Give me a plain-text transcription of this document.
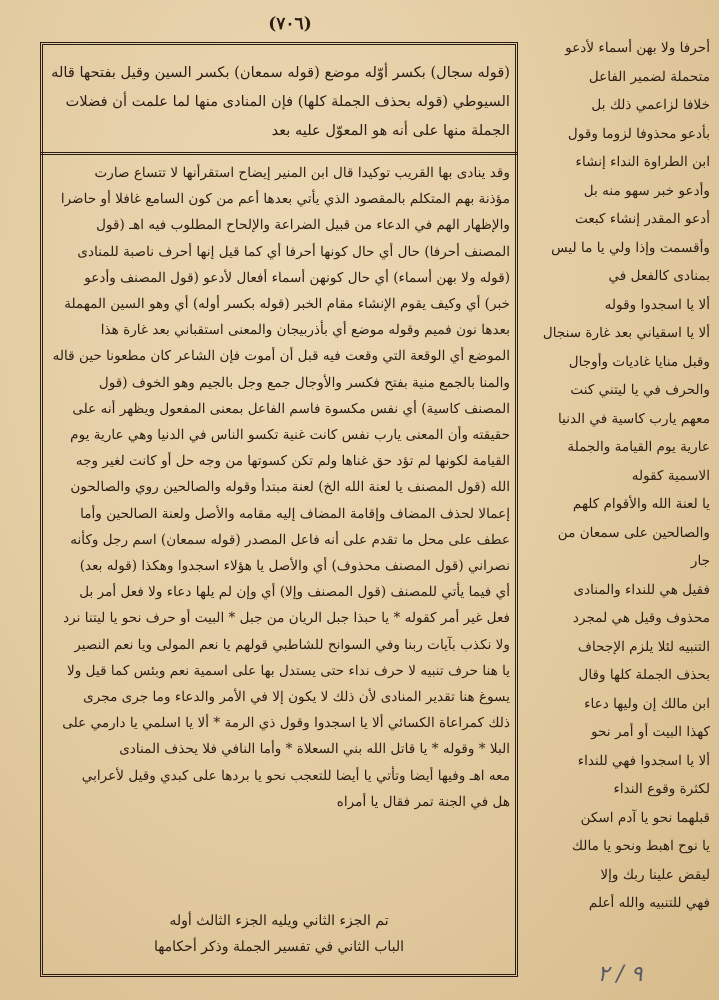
(٧٠٦)

(قوله سجال) بكسر أوّله موضع (قوله سمعان) بكسر السين وقيل بفتحها قاله

السيوطي (قوله بحذف الجملة كلها) فإن المنادى منها لما علمت أن فضلات

الجملة منها على أنه هو المعوّل عليه بعد

وقد ينادى بها القريب توكيدا قال ابن المنير إيضاح استقرأنها لا تتساع صارت

مؤذنة بهم المتكلم بالمقصود الذي يأتي بعدها أعم من كون السامع غافلا أو حاضرا

والإظهار الهم في الدعاء من قبيل الضراعة والإلحاح المطلوب فيه اهـ (قول

المصنف أحرفا) حال أي حال كونها أحرفا أي كما قيل إنها أحرف ناصبة للمنادى

(قوله ولا بهن أسماء) أي حال كونهن أسماء أفعال لأدعو (قول المصنف وأدعو

خبر) أي وكيف يقوم الإنشاء مقام الخبر (قوله بكسر أوله) أي وهو السين المهملة

بعدها نون فميم وقوله موضع أي بأذربيجان والمعنى استقباني بعد غارة هذا

الموضع أي الوقعة التي وقعت فيه قبل أن أموت فإن الشاعر كان مطعونا حين قاله

والمنا بالجمع منية بفتح فكسر والأوجال جمع وجل بالجيم وهو الخوف (قول

المصنف كاسية) أي نفس مكسوة فاسم الفاعل بمعنى المفعول ويظهر أنه على

حقيقته وأن المعنى يارب نفس كانت غنية تكسو الناس في الدنيا وهي عارية يوم

القيامة لكونها لم تؤد حق غناها ولم تكن كسوتها من وجه حل أو كانت لغير وجه

الله (قول المصنف يا لعنة الله الخ) لعنة مبتدأ وقوله والصالحين روي والصالحون

إعمالا لحذف المضاف وإقامة المضاف إليه مقامه والأصل ولعنة الصالحين وأما

عطف على محل ما تقدم على أنه فاعل المصدر (قوله سمعان) اسم رجل وكأنه

نصراني (قول المصنف محذوف) أي والأصل يا هؤلاء اسجدوا وهكذا (قوله بعد)

أي فيما يأتي للمصنف (قول المصنف وإلا) أي وإن لم يلها دعاء ولا فعل أمر بل

فعل غير أمر كقوله * يا حبذا جبل الريان من جبل * البيت أو حرف نحو يا ليتنا نرد

ولا نكذب بآيات ربنا وفي السوانح للشاطبي قولهم يا نعم المولى ويا نعم النصير

يا هنا حرف تنبيه لا حرف نداء حتى يستدل بها على اسمية نعم وبئس كما قيل ولا

يسوغ هنا تقدير المنادى لأن ذلك لا يكون إلا في الأمر والدعاء وما جرى مجرى

ذلك كمراعاة الكسائي ألا يا اسجدوا وقول ذي الرمة * ألا يا اسلمي يا دارمي على

البلا * وقوله * يا قاتل الله بني السعلاة * وأما النافي فلا يحذف المنادى

معه اهـ وفيها أيضا وتأتي يا أيضا للتعجب نحو يا بردها على كبدي وقيل لأعرابي

هل في الجنة تمر فقال يا أمراه

تم الجزء الثاني ويليه الجزء الثالث أوله

الباب الثاني في تفسير الجملة وذكر أحكامها

أحرفا ولا بهن أسماء لأدعو

متحملة لضمير الفاعل

خلافا لزاعمي ذلك بل

بأدعو محذوفا لزوما وقول

ابن الطراوة النداء إنشاء

وأدعو خبر سهو منه بل

أدعو المقدر إنشاء كبعت

وأقسمت وإذا ولي يا ما ليس

بمنادى كالفعل في

ألا يا اسجدوا وقوله

ألا يا اسقياني بعد غارة سنجال

وقبل منايا غاديات وأوجال

والحرف في يا ليتني كنت

معهم يارب كاسية في الدنيا

عارية يوم القيامة والجملة

الاسمية كقوله

يا لعنة الله والأقوام كلهم

والصالحين على سمعان من

جار

فقيل هي للنداء والمنادى

محذوف وقيل هي لمجرد

التنبيه لئلا يلزم الإجحاف

بحذف الجملة كلها وقال

ابن مالك إن وليها دعاء

كهذا البيت أو أمر نحو

ألا يا اسجدوا فهي للنداء

لكثرة وقوع النداء

قبلهما نحو يا آدم اسكن

يا نوح اهبط ونحو يا مالك

ليقض علينا ربك وإلا

فهي للتنبيه والله أعلم

٩ / ٢
